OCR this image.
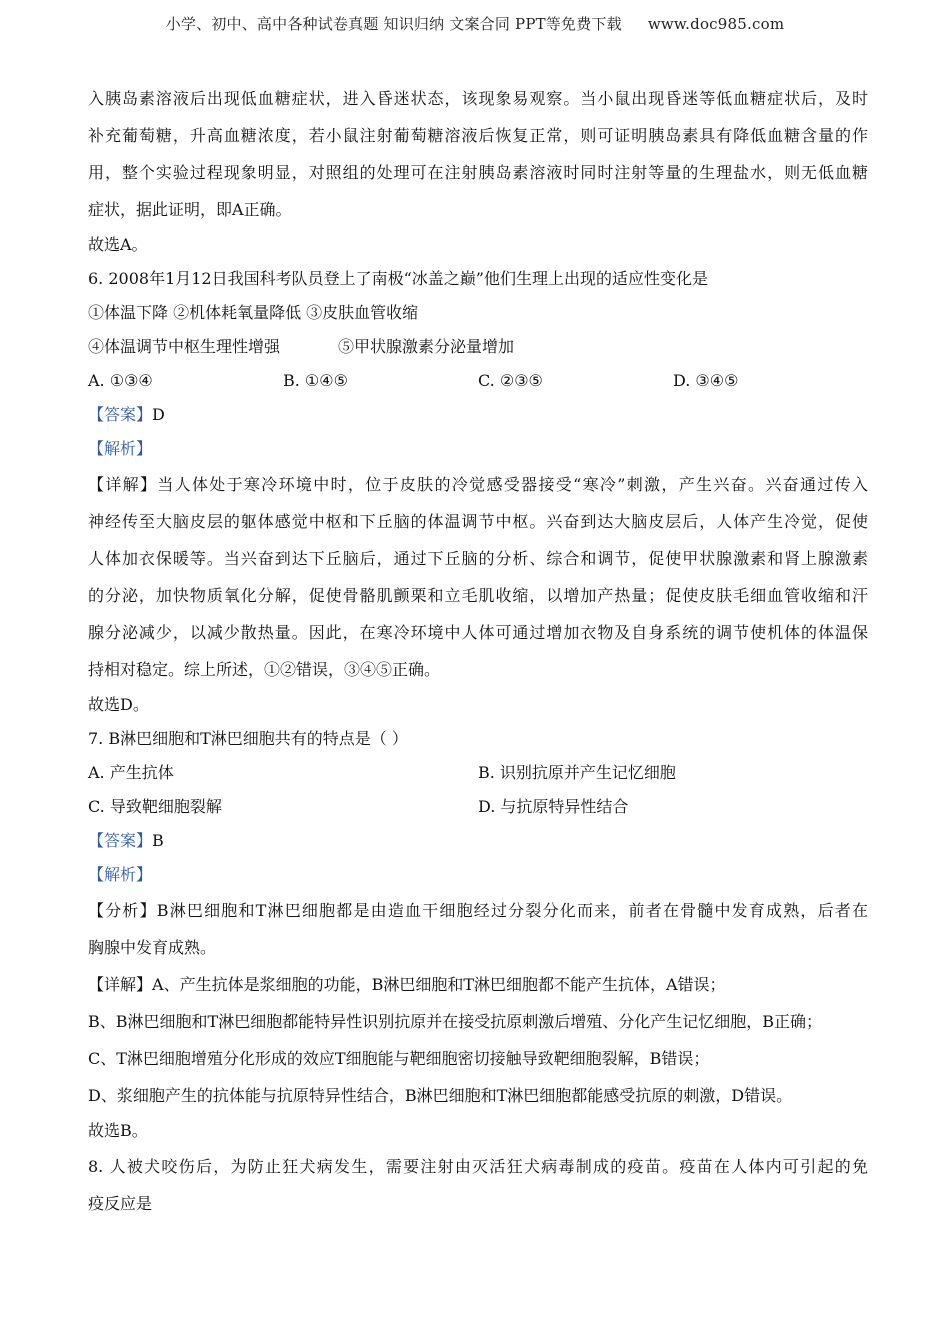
小学、初中、高中各种试卷真题 知识归纳 文案合同 PPT等免费下载 www.doc985.com
入胰岛素溶液后出现低血糖症状，进入昏迷状态，该现象易观察。当小鼠出现昏迷等低血糖症状后，及时
补充葡萄糖，升高血糖浓度，若小鼠注射葡萄糖溶液后恢复正常，则可证明胰岛素具有降低血糖含量的作
用，整个实验过程现象明显，对照组的处理可在注射胰岛素溶液时同时注射等量的生理盐水，则无低血糖
症状，据此证明，即A正确。
故选A。
6. 2008年1月12日我国科考队员登上了南极“冰盖之巅”他们生理上出现的适应性变化是
①体温下降 ②机体耗氧量降低 ③皮肤血管收缩
④体温调节中枢生理性增强	⑤甲状腺激素分泌量增加
A. ①③④	B. ①④⑤	C. ②③⑤	D. ③④⑤
【答案】D
【解析】
【详解】当人体处于寒冷环境中时，位于皮肤的冷觉感受器接受“寒冷”刺激，产生兴奋。兴奋通过传入
神经传至大脑皮层的躯体感觉中枢和下丘脑的体温调节中枢。兴奋到达大脑皮层后，人体产生冷觉，促使
人体加衣保暖等。当兴奋到达下丘脑后，通过下丘脑的分析、综合和调节，促使甲状腺激素和肾上腺激素
的分泌，加快物质氧化分解，促使骨骼肌颤栗和立毛肌收缩，以增加产热量；促使皮肤毛细血管收缩和汗
腺分泌减少，以减少散热量。因此，在寒冷环境中人体可通过增加衣物及自身系统的调节使机体的体温保
持相对稳定。综上所述，①②错误，③④⑤正确。
故选D。
7. B淋巴细胞和T淋巴细胞共有的特点是（ ）
A. 产生抗体	B. 识别抗原并产生记忆细胞
C. 导致靶细胞裂解	D. 与抗原特异性结合
【答案】B
【解析】
【分析】B淋巴细胞和T淋巴细胞都是由造血干细胞经过分裂分化而来，前者在骨髓中发育成熟，后者在
胸腺中发育成熟。
【详解】A、产生抗体是浆细胞的功能，B淋巴细胞和T淋巴细胞都不能产生抗体，A错误；
B、B淋巴细胞和T淋巴细胞都能特异性识别抗原并在接受抗原刺激后增殖、分化产生记忆细胞，B正确；
C、T淋巴细胞增殖分化形成的效应T细胞能与靶细胞密切接触导致靶细胞裂解，B错误；
D、浆细胞产生的抗体能与抗原特异性结合，B淋巴细胞和T淋巴细胞都能感受抗原的刺激，D错误。
故选B。
8. 人被犬咬伤后，为防止狂犬病发生，需要注射由灭活狂犬病毒制成的疫苗。疫苗在人体内可引起的免
疫反应是
